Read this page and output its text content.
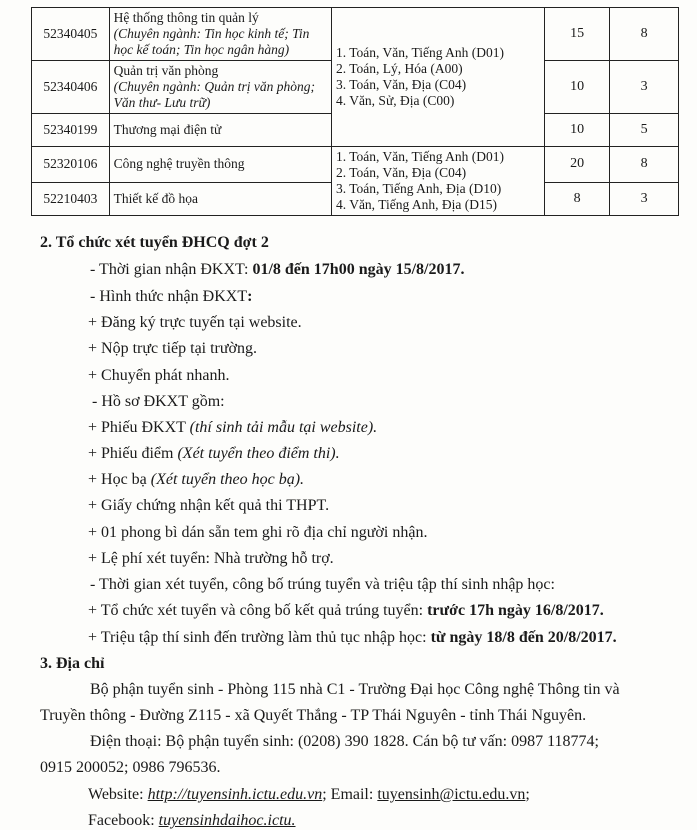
52340405	Hệ thống thông tin quản lý
(Chuyên ngành: Tin học kinh tế; Tin học kế toán; Tin học ngân hàng)	1. Toán, Văn, Tiếng Anh (D01)
2. Toán, Lý, Hóa (A00)
3. Toán, Văn, Địa (C04)
4. Văn, Sử, Địa (C00)	15	8
52340406	Quản trị văn phòng
(Chuyên ngành: Quản trị văn phòng; Văn thư- Lưu trữ)		10	3
52340199	Thương mại điện tử		10	5
52320106	Công nghệ truyền thông	1. Toán, Văn, Tiếng Anh (D01)
2. Toán, Văn, Địa (C04)
3. Toán, Tiếng Anh, Địa (D10)
4. Văn, Tiếng Anh, Địa (D15)	20	8
52210403	Thiết kế đồ họa		8	3
2. Tổ chức xét tuyển ĐHCQ đợt 2
- Thời gian nhận ĐKXT: 01/8 đến 17h00 ngày 15/8/2017.
- Hình thức nhận ĐKXT:
+ Đăng ký trực tuyến tại website.
+ Nộp trực tiếp tại trường.
+ Chuyển phát nhanh.
- Hồ sơ ĐKXT gồm:
+ Phiếu ĐKXT (thí sinh tải mẫu tại website).
+ Phiếu điểm (Xét tuyển theo điểm thi).
+ Học bạ (Xét tuyển theo học bạ).
+ Giấy chứng nhận kết quả thi THPT.
+ 01 phong bì dán sẵn tem ghi rõ địa chỉ người nhận.
+ Lệ phí xét tuyển: Nhà trường hỗ trợ.
- Thời gian xét tuyển, công bố trúng tuyển và triệu tập thí sinh nhập học:
+ Tổ chức xét tuyển và công bố kết quả trúng tuyển: trước 17h ngày 16/8/2017.
+ Triệu tập thí sinh đến trường làm thủ tục nhập học: từ ngày 18/8 đến 20/8/2017.
3. Địa chỉ
Bộ phận tuyển sinh - Phòng 115 nhà C1 - Trường Đại học Công nghệ Thông tin và
Truyền thông - Đường Z115 - xã Quyết Thắng - TP Thái Nguyên - tỉnh Thái Nguyên.
Điện thoại: Bộ phận tuyển sinh: (0208) 390 1828. Cán bộ tư vấn: 0987 118774;
0915 200052; 0986 796536.
Website: http://tuyensinh.ictu.edu.vn; Email: tuyensinh@ictu.edu.vn;
Facebook: tuyensinhdaihoc.ictu.
